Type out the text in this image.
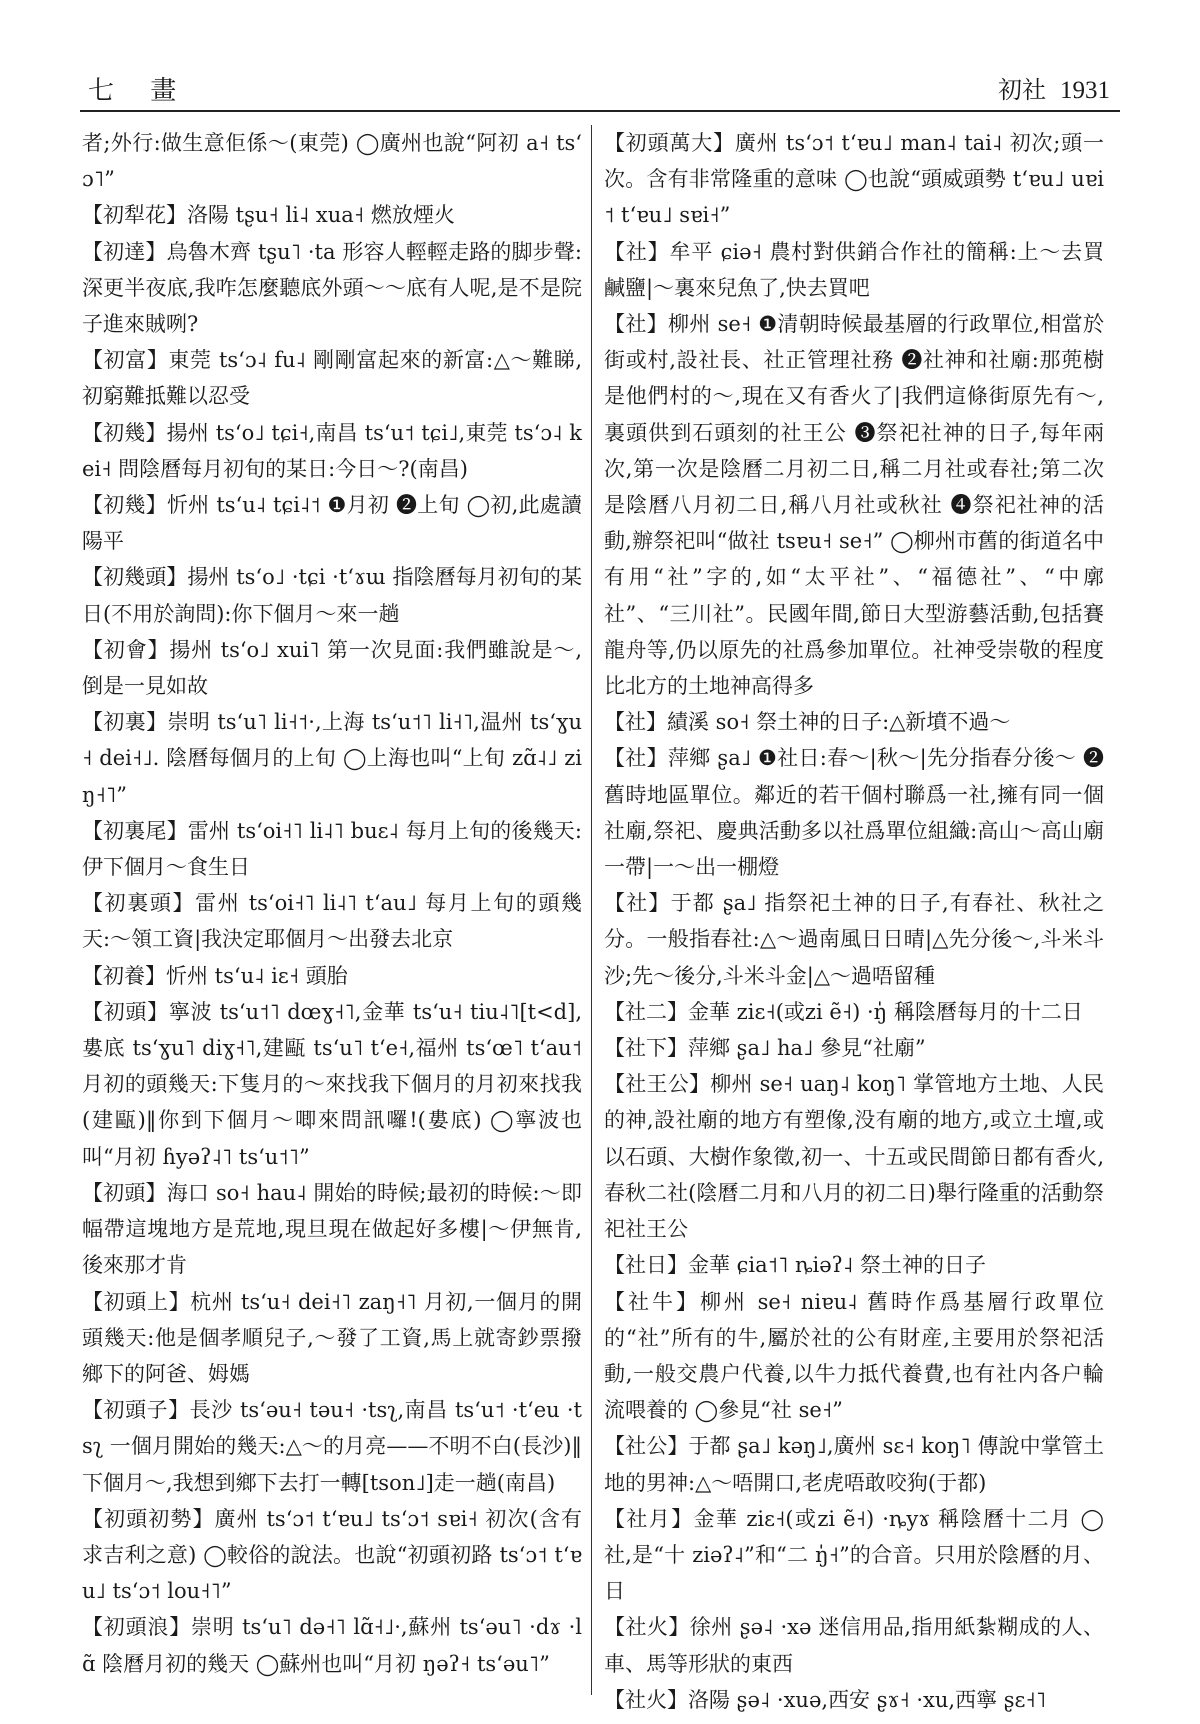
七 畫	初社 1931

者;外行:做生意佢係～(東莞) ◯廣州也說“阿初 a˧ tsʻɔ˥”

【初犁花】洛陽 tʂu˧ li˨ xua˧ 燃放煙火

【初達】烏魯木齊 tʂu˥ ·ta 形容人輕輕走路的脚步聲:深更半夜底,我咋怎麼聽底外頭～～底有人呢,是不是院子進來賊咧?

【初富】東莞 tsʻɔ˨ fu˨ 剛剛富起來的新富:△～難睇,初窮難抵難以忍受

【初幾】揚州 tsʻo˩ tɕi˧,南昌 tsʻu˦ tɕi˩,東莞 tsʻɔ˨ kei˧ 問陰曆每月初旬的某日:今日～?(南昌)

【初幾】忻州 tsʻu˨ tɕi˨˦ ❶月初 ❷上旬 ◯初,此處讀陽平

【初幾頭】揚州 tsʻo˩ ·tɕi ·tʻɤɯ 指陰曆每月初旬的某日(不用於詢問):你下個月～來一趟

【初會】揚州 tsʻo˩ xui˥ 第一次見面:我們雖說是～,倒是一見如故

【初裏】崇明 tsʻu˥ li˧˦·,上海 tsʻu˦˥ li˧˥,温州 tsʻɣu˧ dei˧˩. 陰曆每個月的上旬 ◯上海也叫“上旬 zɑ̃˨˩ ziŋ˧˥”

【初裏尾】雷州 tsʻoi˧˥ li˨˥ buɛ˨ 每月上旬的後幾天:伊下個月～食生日

【初裏頭】雷州 tsʻoi˧˥ li˨˥ tʻau˩ 每月上旬的頭幾天:～領工資|我決定耶個月～出發去北京

【初養】忻州 tsʻu˨ iɛ˧ 頭胎

【初頭】寧波 tsʻu˦˥ dœɣ˧˥,金華 tsʻu˧ tiu˨˥[t<d],婁底 tsʻɣu˥ diɣ˧˥,建甌 tsʻu˥ tʻe˧,福州 tsʻœ˥ tʻau˦ 月初的頭幾天:下隻月的～來找我下個月的月初來找我(建甌)‖你到下個月～唧來問訊囉!(婁底) ◯寧波也叫“月初 ɦyəʔ˨˥ tsʻu˦˥”

【初頭】海口 so˧ hau˨ 開始的時候;最初的時候:～即幅帶這塊地方是荒地,現旦現在做起好多樓|～伊無肯,後來那才肯

【初頭上】杭州 tsʻu˧ dei˧˥ zaŋ˧˥ 月初,一個月的開頭幾天:他是個孝順兒子,～發了工資,馬上就寄鈔票撥鄉下的阿爸、姆媽

【初頭子】長沙 tsʻəu˧ təu˧ ·tsʅ,南昌 tsʻu˦ ·tʻeu ·tsʅ 一個月開始的幾天:△～的月亮——不明不白(長沙)‖下個月～,我想到鄉下去打一轉[tson˩]走一趟(南昌)

【初頭初勢】廣州 tsʻɔ˦ tʻɐu˩ tsʻɔ˦ sɐi˧ 初次(含有求吉利之意) ◯較俗的說法。也說“初頭初路 tsʻɔ˦ tʻɐu˩ tsʻɔ˦ lou˧˥”

【初頭浪】崇明 tsʻu˥ də˧˥ lɑ̃˧˩·,蘇州 tsʻəu˥ ·dɤ ·lɑ̃ 陰曆月初的幾天 ◯蘇州也叫“月初 ŋəʔ˧ tsʻəu˥”

【初頭萬大】廣州 tsʻɔ˦ tʻɐu˩ man˨ tai˨ 初次;頭一次。含有非常隆重的意味 ◯也說“頭威頭勢 tʻɐu˩ uɐi˦ tʻɐu˩ sɐi˧”

【社】牟平 ɕiə˧ 農村對供銷合作社的簡稱:上～去買鹹鹽|～裏來兒魚了,快去買吧

【社】柳州 se˧ ❶清朝時候最基層的行政單位,相當於街或村,設社長、社正管理社務 ❷社神和社廟:那蔸樹是他們村的～,現在又有香火了|我們這條街原先有～,裏頭供到石頭刻的社王公 ❸祭祀社神的日子,每年兩次,第一次是陰曆二月初二日,稱二月社或春社;第二次是陰曆八月初二日,稱八月社或秋社 ❹祭祀社神的活動,辦祭祀叫“做社 tsɐu˧ se˧” ◯柳州市舊的街道名中有用“社”字的,如“太平社”、“福德社”、“中廓社”、“三川社”。民國年間,節日大型游藝活動,包括賽龍舟等,仍以原先的社爲參加單位。社神受崇敬的程度比北方的土地神高得多

【社】績溪 so˧ 祭土神的日子:△新墳不過～

【社】萍鄉 ʂa˩ ❶社日:春～|秋～|先分指春分後～ ❷舊時地區單位。鄰近的若干個村聯爲一社,擁有同一個社廟,祭祀、慶典活動多以社爲單位組織:高山～高山廟一帶|一～出一棚燈

【社】于都 ʂa˩ 指祭祀土神的日子,有春社、秋社之分。一般指春社:△～過南風日日晴|△先分後～,斗米斗沙;先～後分,斗米斗金|△～過唔留種

【社二】金華 ziɛ˧(或zi ẽ˧) ·ŋ̍ 稱陰曆每月的十二日

【社下】萍鄉 ʂa˩ ha˩ 參見“社廟”

【社王公】柳州 se˧ uaŋ˨ koŋ˥ 掌管地方土地、人民的神,設社廟的地方有塑像,没有廟的地方,或立土壇,或以石頭、大樹作象徵,初一、十五或民間節日都有香火,春秋二社(陰曆二月和八月的初二日)舉行隆重的活動祭祀社王公

【社日】金華 ɕia˦˥ ȵiəʔ˨ 祭土神的日子

【社牛】柳州 se˧ niɐu˨ 舊時作爲基層行政單位的“社”所有的牛,屬於社的公有財産,主要用於祭祀活動,一般交農户代養,以牛力抵代養費,也有社内各户輪流喂養的 ◯參見“社 se˧”

【社公】于都 ʂa˩ kəŋ˩,廣州 sɛ˧ koŋ˥ 傳說中掌管土地的男神:△～唔開口,老虎唔敢咬狗(于都)

【社月】金華 ziɛ˧(或zi ẽ˧) ·ȵyɤ 稱陰曆十二月 ◯社,是“十 ziəʔ˨”和“二 ŋ̍˧”的合音。只用於陰曆的月、日

【社火】徐州 ʂə˨ ·xə 迷信用品,指用紙紮糊成的人、車、馬等形狀的東西

【社火】洛陽 ʂə˨ ·xuə,西安 ʂɤ˧ ·xu,西寧 ʂɛ˧˥
